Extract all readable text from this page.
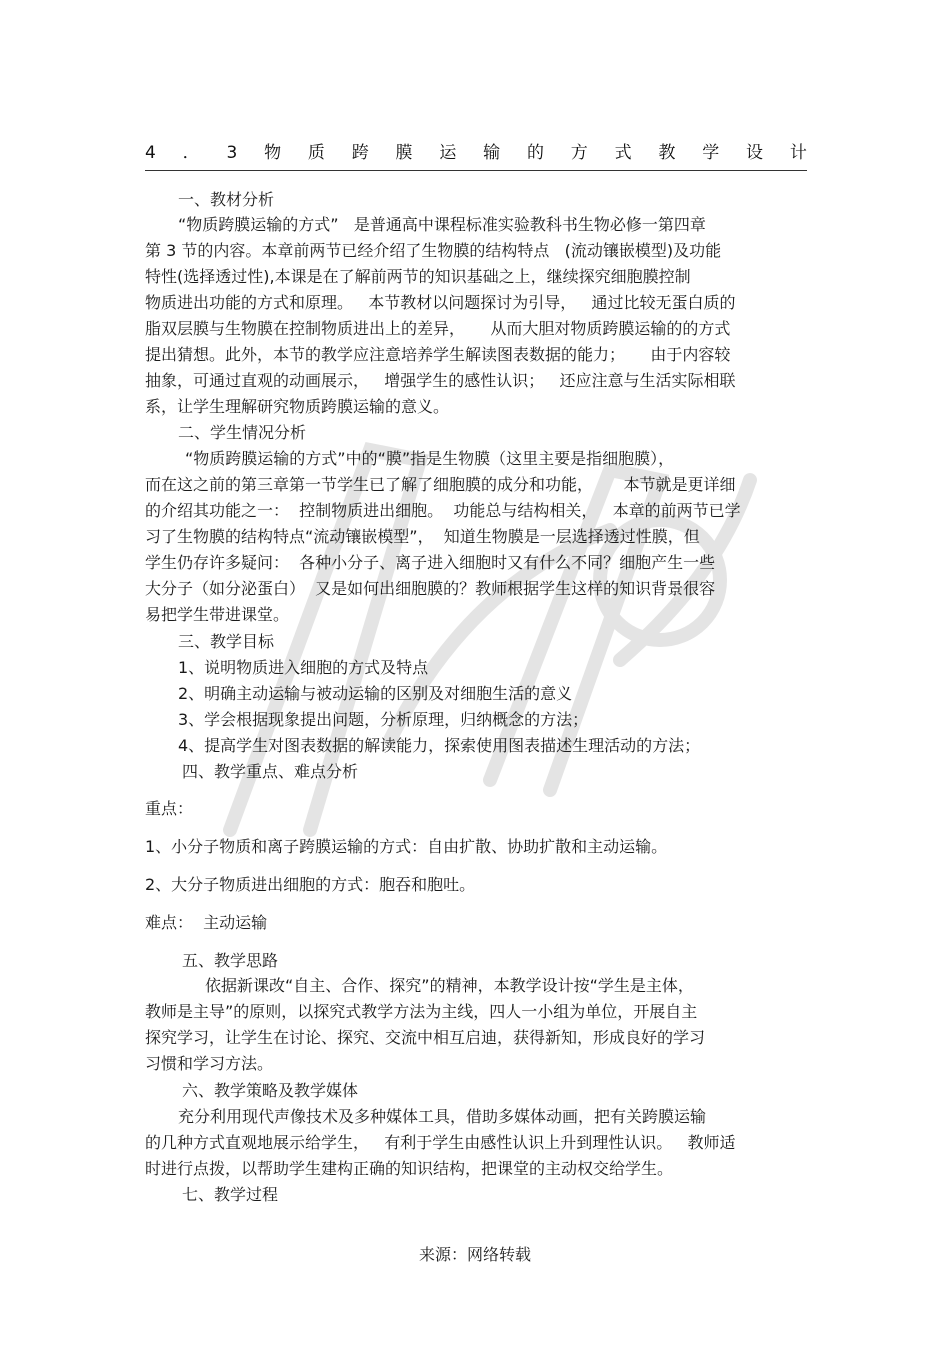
4 ． 3 物 质 跨 膜 运 输 的 方 式 教 学 设 计
一、教材分析
“物质跨膜运输的方式”   是普通高中课程标准实验教科书生物必修一第四章
第 3 节的内容。本章前两节已经介绍了生物膜的结构特点   (流动镶嵌模型)及功能
特性(选择透过性),本课是在了解前两节的知识基础之上，继续探究细胞膜控制
物质进出功能的方式和原理。   本节教材以问题探讨为引导，   通过比较无蛋白质的
脂双层膜与生物膜在控制物质进出上的差异，     从而大胆对物质跨膜运输的的方式
提出猜想。此外，本节的教学应注意培养学生解读图表数据的能力；     由于内容较
抽象，可通过直观的动画展示，   增强学生的感性认识；   还应注意与生活实际相联
系，让学生理解研究物质跨膜运输的意义。
二、学生情况分析
“物质跨膜运输的方式”中的“膜”指是生物膜（这里主要是指细胞膜），
而在这之前的第三章第一节学生已了解了细胞膜的成分和功能，      本节就是更详细
的介绍其功能之一：  控制物质进出细胞。  功能总与结构相关，   本章的前两节已学
习了生物膜的结构特点“流动镶嵌模型”，  知道生物膜是一层选择透过性膜，但
学生仍存许多疑问：  各种小分子、离子进入细胞时又有什么不同？细胞产生一些
大分子（如分泌蛋白）  又是如何出细胞膜的？教师根据学生这样的知识背景很容
易把学生带进课堂。
三、教学目标
1、说明物质进入细胞的方式及特点
2、明确主动运输与被动运输的区别及对细胞生活的意义
3、学会根据现象提出问题，分析原理，归纳概念的方法；
4、提高学生对图表数据的解读能力，探索使用图表描述生理活动的方法；
四、教学重点、难点分析
重点：
1、小分子物质和离子跨膜运输的方式：自由扩散、协助扩散和主动运输。
2、大分子物质进出细胞的方式：胞吞和胞吐。
难点：  主动运输
五、教学思路
依据新课改“自主、合作、探究”的精神，本教学设计按“学生是主体，
教师是主导”的原则，以探究式教学方法为主线，四人一小组为单位，开展自主
探究学习，让学生在讨论、探究、交流中相互启迪，获得新知，形成良好的学习
习惯和学习方法。
六、教学策略及教学媒体
充分利用现代声像技术及多种媒体工具，借助多媒体动画，把有关跨膜运输
的几种方式直观地展示给学生，   有利于学生由感性认识上升到理性认识。   教师适
时进行点拨，以帮助学生建构正确的知识结构，把课堂的主动权交给学生。
七、教学过程
来源：网络转载
